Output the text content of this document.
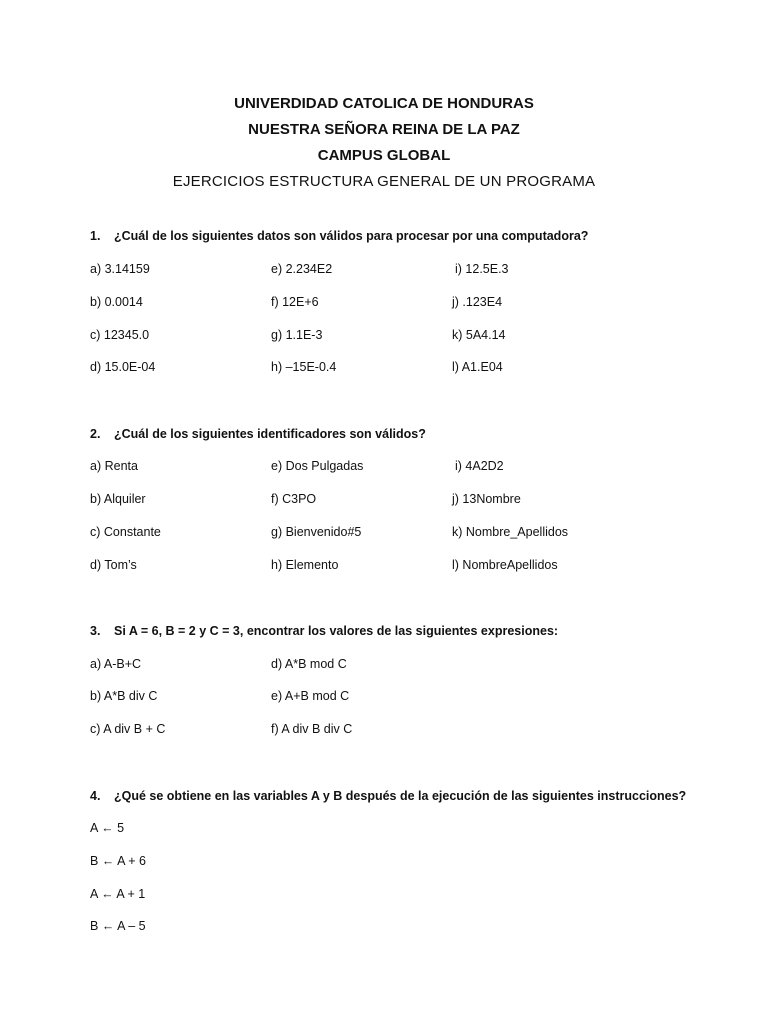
UNIVERDIDAD CATOLICA DE HONDURAS
NUESTRA SEÑORA REINA DE LA PAZ
CAMPUS GLOBAL
EJERCICIOS ESTRUCTURA GENERAL DE UN PROGRAMA
1. ¿Cuál de los siguientes datos son válidos para procesar por una computadora?
a) 3.14159
b) 0.0014
c) 12345.0
d) 15.0E-04
e) 2.234E2
f) 12E+6
g) 1.1E-3
h) –15E-0.4
i) 12.5E.3
j) .123E4
k) 5A4.14
l) A1.E04
2. ¿Cuál de los siguientes identificadores son válidos?
a) Renta
b) Alquiler
c) Constante
d) Tom’s
e) Dos Pulgadas
f) C3PO
g) Bienvenido#5
h) Elemento
i) 4A2D2
j) 13Nombre
k) Nombre_Apellidos
l) NombreApellidos
3. Si A = 6, B = 2 y C = 3, encontrar los valores de las siguientes expresiones:
a) A-B+C
b) A*B div C
c) A div B + C
d) A*B mod C
e) A+B mod C
f) A div B div C
4. ¿Qué se obtiene en las variables A y B después de la ejecución de las siguientes instrucciones?
A ← 5
B ← A + 6
A ← A + 1
B ← A – 5
